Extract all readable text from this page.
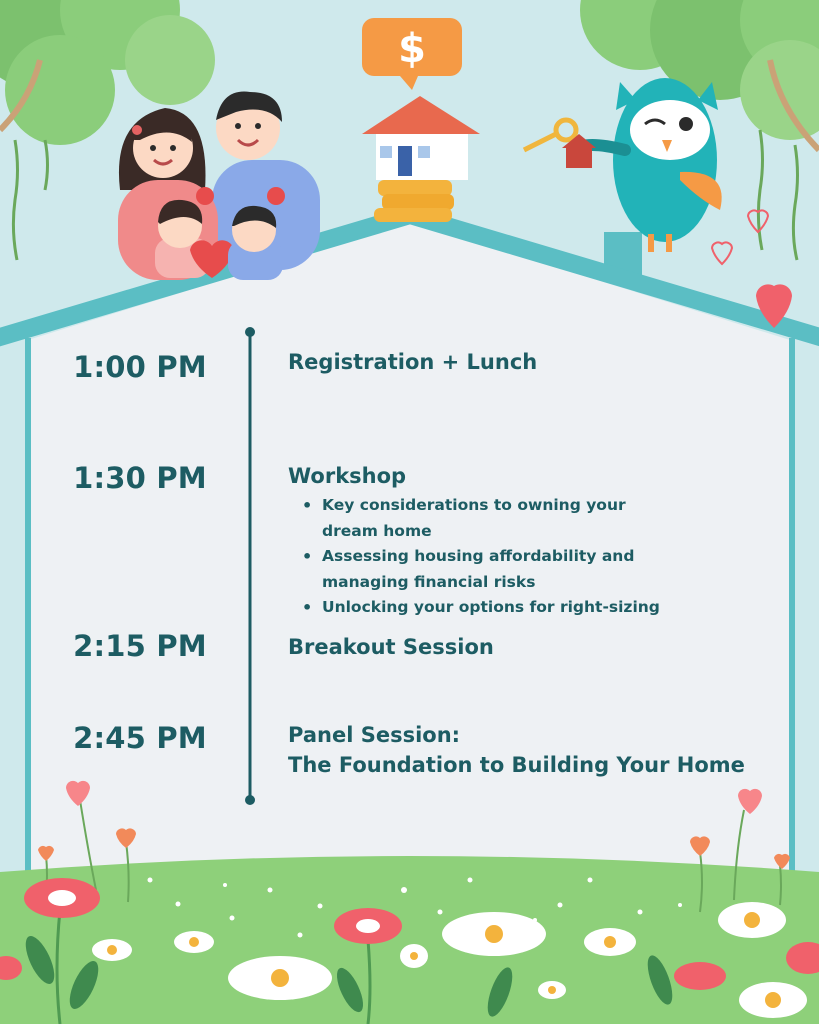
$
1:00 PM	Registration + Lunch
1:30 PM	Workshop
• Key considerations to owning your dream home
• Assessing housing affordability and managing financial risks
• Unlocking your options for right-sizing
2:15 PM	Breakout Session
2:45 PM	Panel Session:
The Foundation to Building Your Home
